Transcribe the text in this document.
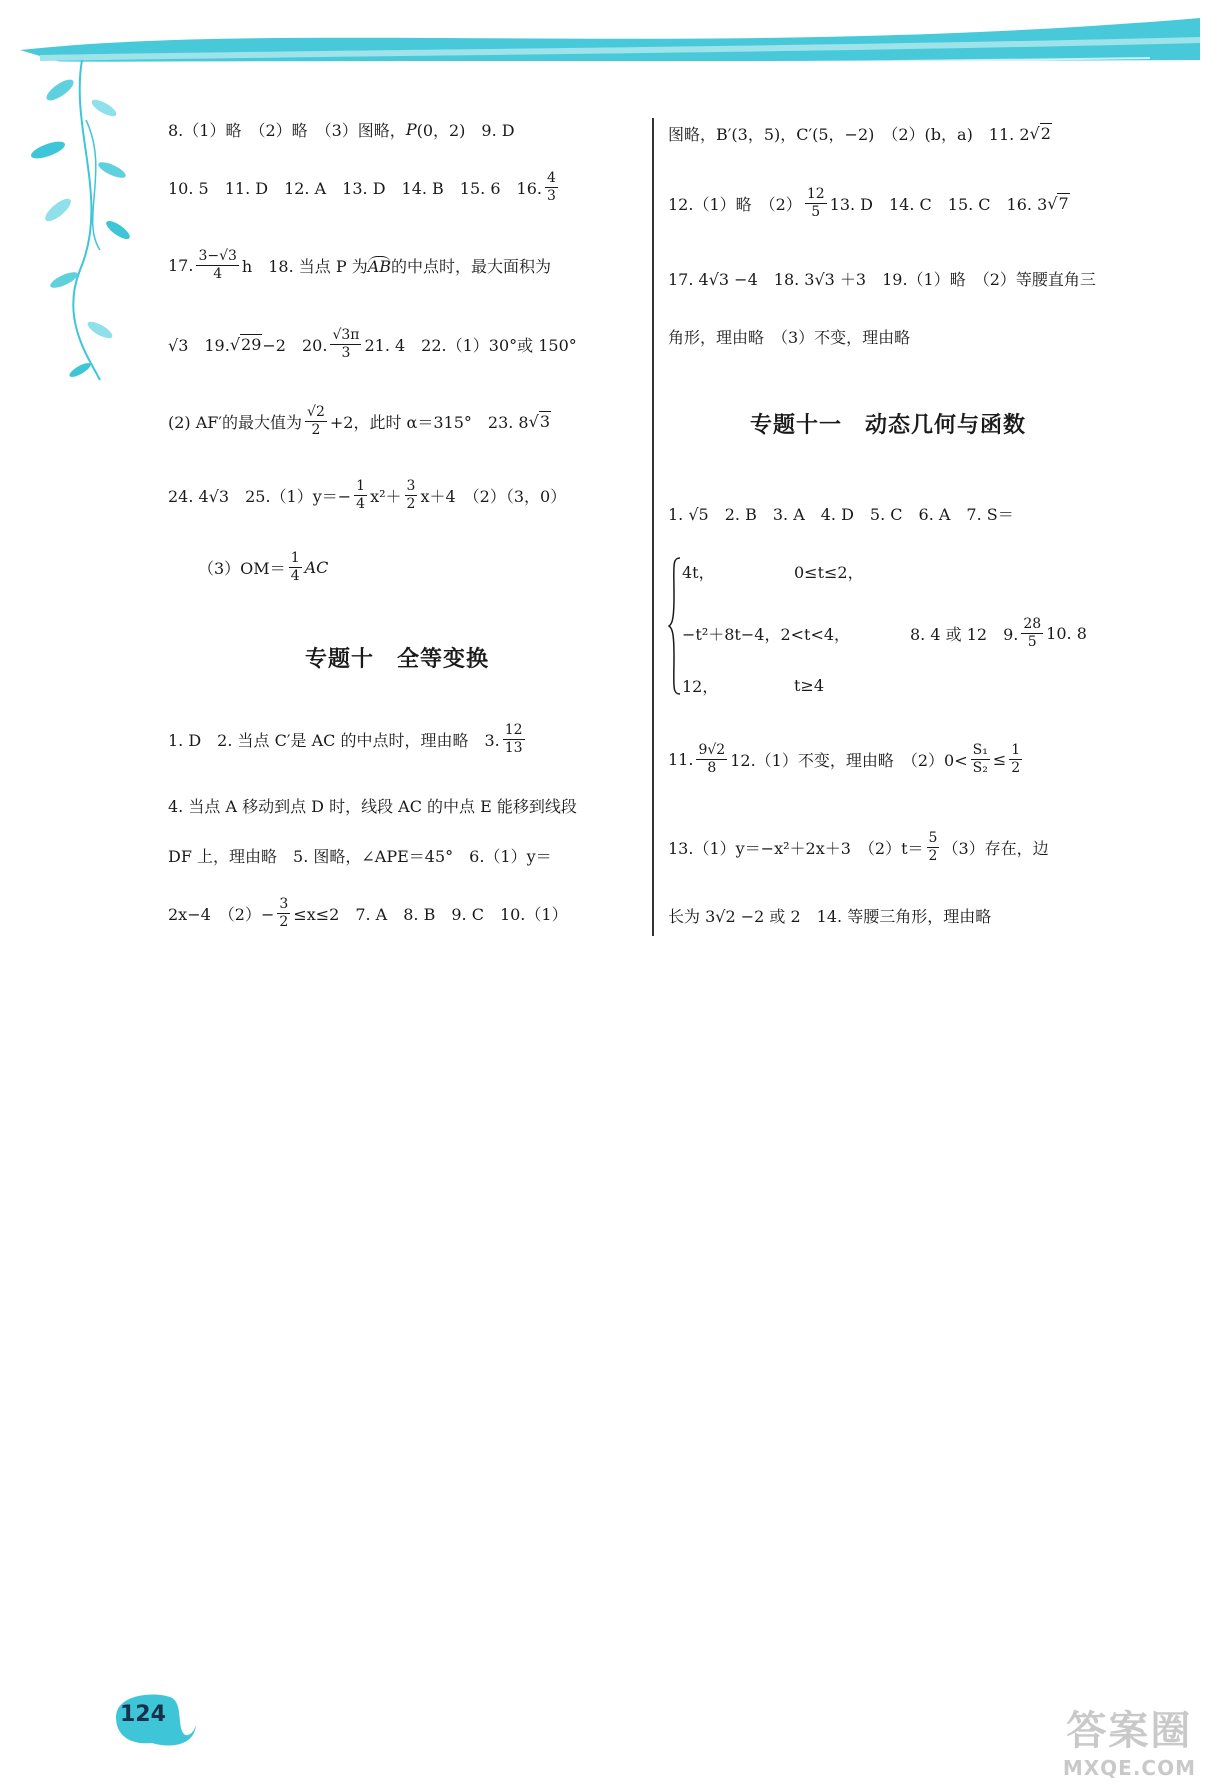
8.（1）略　（2）略　（3）图略， P (0，2)　9. D
10. 5　11. D　12. A　13. D　14. B　15. 6　16. $\frac{4}{3}$
17. $\frac{3-√3}{4}$ h　18. 当点 P 为 AB 的中点时，最大面积为
√3　19. √29 −2　20. $\frac{√3\pi}{3} 21$. 4　22.（1）30°或 150°
(2) AF′的最大值为 $\frac{√2}{2} +2$，此时 α＝315°　23. 8 √3
24. 4√3　$25.(1)y=- \frac{1}{4} x^2+ \frac{3}{2} x+4$　（2）（3，0）
$(3)OM= \frac{1}{4}$ AC
专题十　全等变换
1. D　2. 当点 C′是 AC 的中点时，理由略　3. $\frac{12}{13}$
4. 当点 A 移动到点 D 时，线段 AC 的中点 E 能移到线段
DF 上，理由略　5. 图略，∠APE＝45°　6.（1）y＝
2x−4　$(2)- \frac{3}{2} \le x\le 2$　7. A　8. B　9. C　10.（1）
图略，B′(3，5)，C′(5，−2)　（2）(b，a)　11. 2 √2
12.（1）略　$(2) \frac{12}{5} 13$. D　14. C　15. C　16. 3 √7
17. 4√3 −4　18. 3√3 ＋3　19.（1）略　（2）等腰直角三
角形，理由略　（3）不变，理由略
专题十一　动态几何与函数
1. √5　2. B　3. A　4. D　5. C　6. A　7. S＝
4t，	0≤t≤2，
−t²＋8t−4，2<t<4，	8. 4 或 12　9. $\frac{28}{5} 10$. 8
12，	t≥4
11. $\frac{9√2}{8} 12.(1)$不变，理由略　$(2)0< \frac{\text{S₁}}{\text{S₂}} \le \frac{1}{2}$
13.（1）y＝−x²＋2x＋3　$(2)t= \frac{5}{2} (3)$存在，边
长为 3√2 −2 或 2　14. 等腰三角形，理由略
124	答案圈
MXQE.COM
